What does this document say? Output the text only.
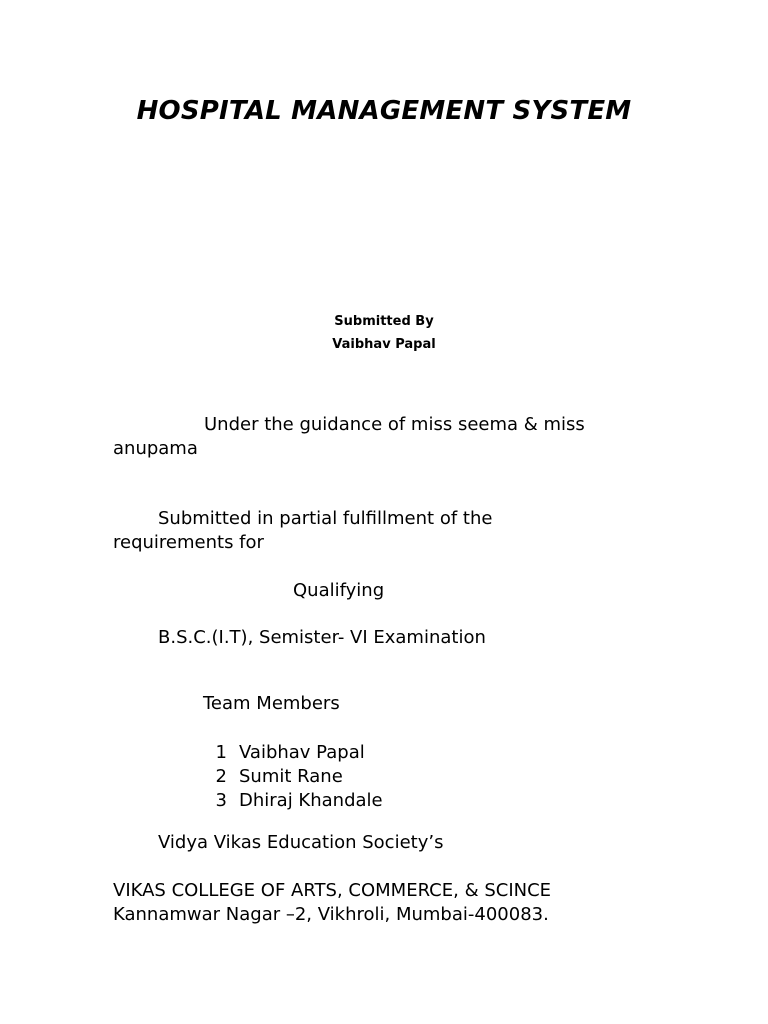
HOSPITAL MANAGEMENT SYSTEM

Submitted By

Vaibhav Papal

Under the guidance of miss seema & miss

anupama

Submitted in partial fulfillment of the

requirements for

Qualifying

B.S.C.(I.T), Semister- VI Examination

Team Members

1 Vaibhav Papal
2 Sumit Rane
3 Dhiraj Khandale

Vidya Vikas Education Society’s

VIKAS COLLEGE OF ARTS, COMMERCE, & SCINCE

Kannamwar Nagar –2, Vikhroli, Mumbai-400083.
